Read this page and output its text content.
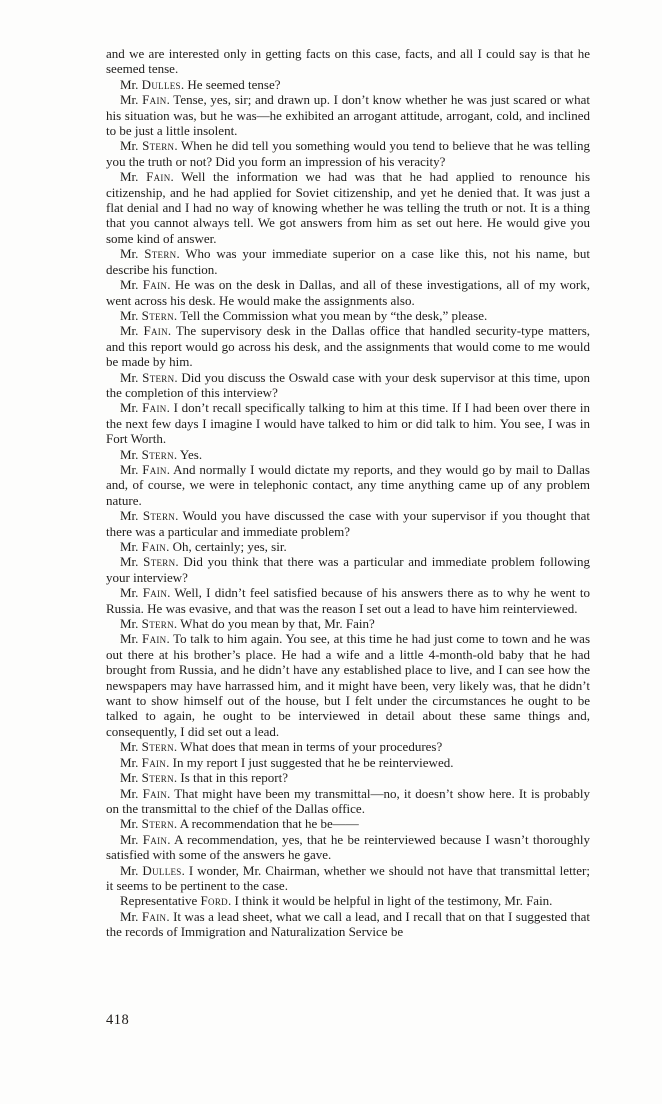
and we are interested only in getting facts on this case, facts, and all I could say is that he seemed tense.

Mr. Dulles. He seemed tense?

Mr. Fain. Tense, yes, sir; and drawn up. I don’t know whether he was just scared or what his situation was, but he was—he exhibited an arrogant attitude, arrogant, cold, and inclined to be just a little insolent.

Mr. Stern. When he did tell you something would you tend to believe that he was telling you the truth or not? Did you form an impression of his veracity?

Mr. Fain. Well the information we had was that he had applied to renounce his citizenship, and he had applied for Soviet citizenship, and yet he denied that. It was just a flat denial and I had no way of knowing whether he was telling the truth or not. It is a thing that you cannot always tell. We got answers from him as set out here. He would give you some kind of answer.

Mr. Stern. Who was your immediate superior on a case like this, not his name, but describe his function.

Mr. Fain. He was on the desk in Dallas, and all of these investigations, all of my work, went across his desk. He would make the assignments also.

Mr. Stern. Tell the Commission what you mean by “the desk,” please.

Mr. Fain. The supervisory desk in the Dallas office that handled security-type matters, and this report would go across his desk, and the assignments that would come to me would be made by him.

Mr. Stern. Did you discuss the Oswald case with your desk supervisor at this time, upon the completion of this interview?

Mr. Fain. I don’t recall specifically talking to him at this time. If I had been over there in the next few days I imagine I would have talked to him or did talk to him. You see, I was in Fort Worth.

Mr. Stern. Yes.

Mr. Fain. And normally I would dictate my reports, and they would go by mail to Dallas and, of course, we were in telephonic contact, any time anything came up of any problem nature.

Mr. Stern. Would you have discussed the case with your supervisor if you thought that there was a particular and immediate problem?

Mr. Fain. Oh, certainly; yes, sir.

Mr. Stern. Did you think that there was a particular and immediate problem following your interview?

Mr. Fain. Well, I didn’t feel satisfied because of his answers there as to why he went to Russia. He was evasive, and that was the reason I set out a lead to have him reinterviewed.

Mr. Stern. What do you mean by that, Mr. Fain?

Mr. Fain. To talk to him again. You see, at this time he had just come to town and he was out there at his brother’s place. He had a wife and a little 4-month-old baby that he had brought from Russia, and he didn’t have any established place to live, and I can see how the newspapers may have harrassed him, and it might have been, very likely was, that he didn’t want to show himself out of the house, but I felt under the circumstances he ought to be talked to again, he ought to be interviewed in detail about these same things and, consequently, I did set out a lead.

Mr. Stern. What does that mean in terms of your procedures?

Mr. Fain. In my report I just suggested that he be reinterviewed.

Mr. Stern. Is that in this report?

Mr. Fain. That might have been my transmittal—no, it doesn’t show here. It is probably on the transmittal to the chief of the Dallas office.

Mr. Stern. A recommendation that he be——

Mr. Fain. A recommendation, yes, that he be reinterviewed because I wasn’t thoroughly satisfied with some of the answers he gave.

Mr. Dulles. I wonder, Mr. Chairman, whether we should not have that transmittal letter; it seems to be pertinent to the case.

Representative Ford. I think it would be helpful in light of the testimony, Mr. Fain.

Mr. Fain. It was a lead sheet, what we call a lead, and I recall that on that I suggested that the records of Immigration and Naturalization Service be

418
